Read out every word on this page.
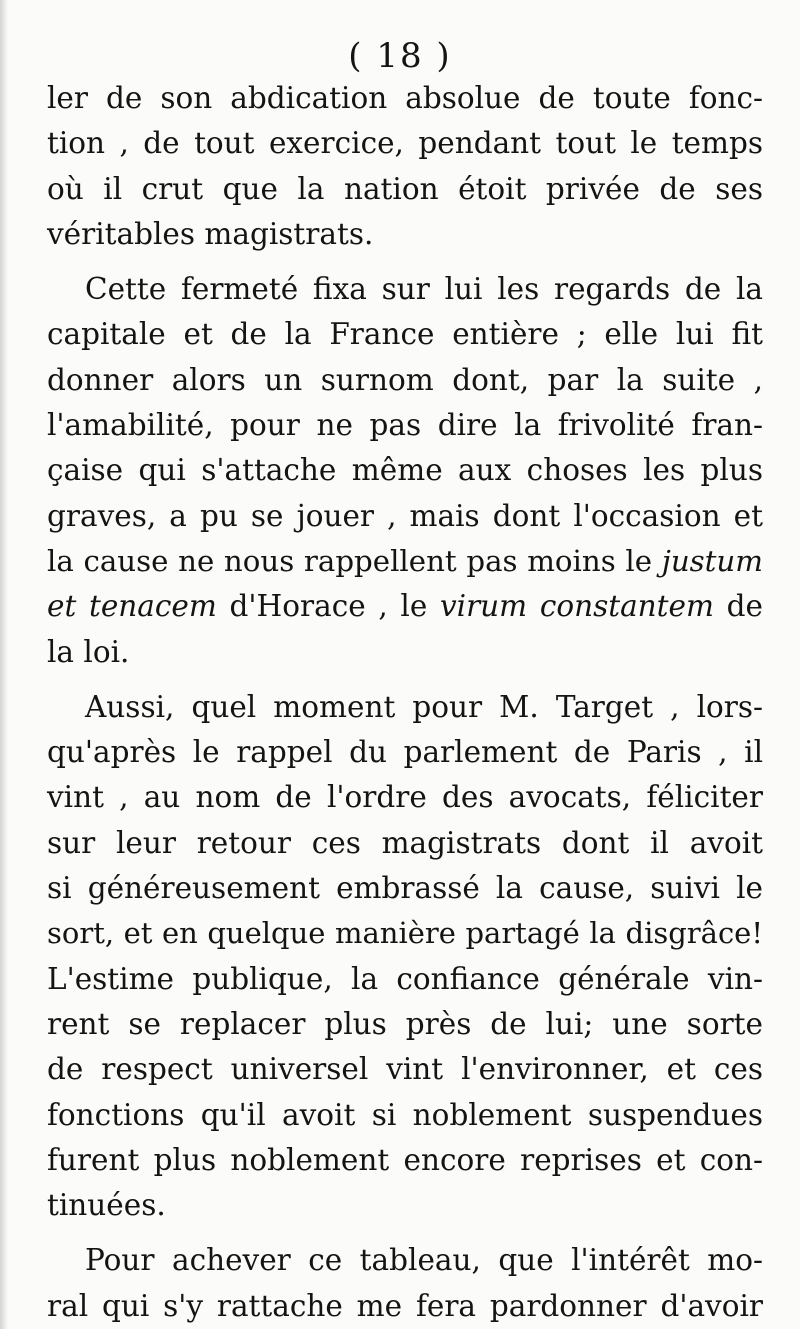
( 18 )
ler de son abdication absolue de toute fonc-
tion , de tout exercice, pendant tout le temps
où il crut que la nation étoit privée de ses
véritables magistrats.
Cette fermeté fixa sur lui les regards de la
capitale et de la France entière ; elle lui fit
donner alors un surnom dont, par la suite ,
l'amabilité, pour ne pas dire la frivolité fran-
çaise qui s'attache même aux choses les plus
graves, a pu se jouer , mais dont l'occasion et
la cause ne nous rappellent pas moins le justum
et tenacem d'Horace , le virum constantem de
la loi.
Aussi, quel moment pour M. Target , lors-
qu'après le rappel du parlement de Paris , il
vint , au nom de l'ordre des avocats, féliciter
sur leur retour ces magistrats dont il avoit
si généreusement embrassé la cause, suivi le
sort, et en quelque manière partagé la disgrâce!
L'estime publique, la confiance générale vin-
rent se replacer plus près de lui; une sorte
de respect universel vint l'environner, et ces
fonctions qu'il avoit si noblement suspendues
furent plus noblement encore reprises et con-
tinuées.
Pour achever ce tableau, que l'intérêt mo-
ral qui s'y rattache me fera pardonner d'avoir
